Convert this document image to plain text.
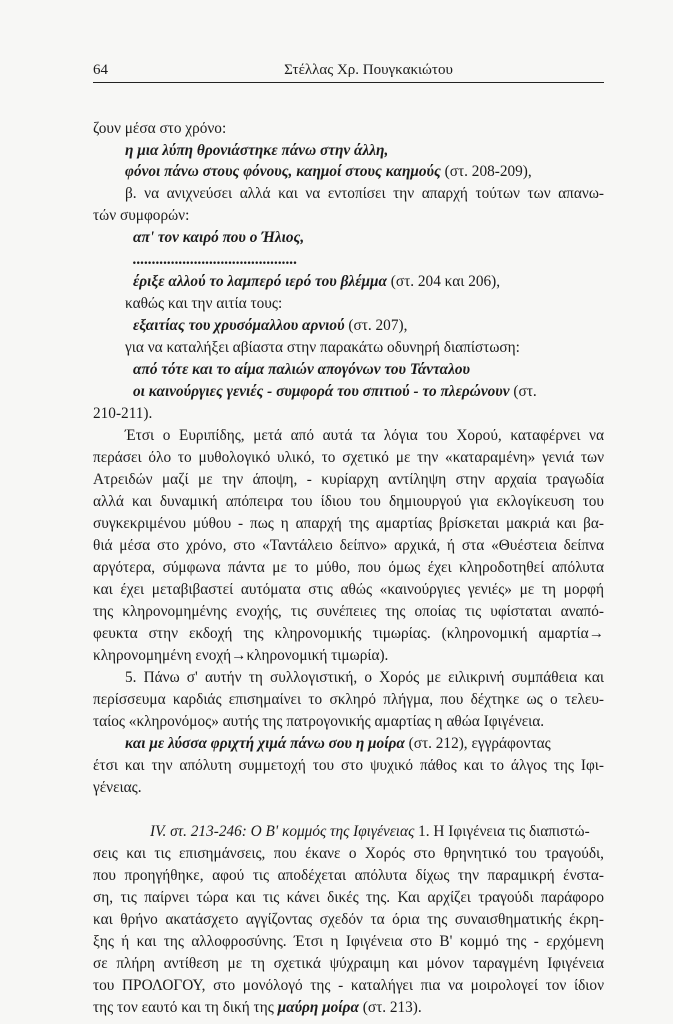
64	Στέλλας Χρ. Πουγκακιώτου
ζουν μέσα στο χρόνο:
η μια λύπη θρονιάστηκε πάνω στην άλλη,
φόνοι πάνω στους φόνους, καημοί στους καημούς (στ. 208-209),
β. να ανιχνεύσει αλλά και να εντοπίσει την απαρχή τούτων των απανω-
τών συμφορών:
απ' τον καιρό που ο Ήλιος,
...........................................
έριξε αλλού το λαμπερό ιερό του βλέμμα (στ. 204 και 206),
καθώς και την αιτία τους:
εξαιτίας του χρυσόμαλλου αρνιού (στ. 207),
για να καταλήξει αβίαστα στην παρακάτω οδυνηρή διαπίστωση:
από τότε και το αίμα παλιών απογόνων του Τάνταλου
οι καινούργιες γενιές - συμφορά του σπιτιού - το πλερώνουν (στ.
210-211).
Έτσι ο Ευριπίδης, μετά από αυτά τα λόγια του Χορού, καταφέρνει να
περάσει όλο το μυθολογικό υλικό, το σχετικό με την «καταραμένη» γενιά των
Ατρειδών μαζί με την άποψη, - κυρίαρχη αντίληψη στην αρχαία τραγωδία
αλλά και δυναμική απόπειρα του ίδιου του δημιουργού για εκλογίκευση του
συγκεκριμένου μύθου - πως η απαρχή της αμαρτίας βρίσκεται μακριά και βα-
θιά μέσα στο χρόνο, στο «Ταντάλειο δείπνο» αρχικά, ή στα «Θυέστεια δείπνα
αργότερα, σύμφωνα πάντα με το μύθο, που όμως έχει κληροδοτηθεί απόλυτα
και έχει μεταβιβαστεί αυτόματα στις αθώς «καινούργιες γενιές» με τη μορφή
της κληρονομημένης ενοχής, τις συνέπειες της οποίας τις υφίσταται αναπό-
φευκτα στην εκδοχή της κληρονομικής τιμωρίας. (κληρονομική αμαρτία→
κληρονομημένη ενοχή→κληρονομική τιμωρία).
5. Πάνω σ' αυτήν τη συλλογιστική, ο Χορός με ειλικρινή συμπάθεια και
περίσσευμα καρδιάς επισημαίνει το σκληρό πλήγμα, που δέχτηκε ως ο τελευ-
ταίος «κληρονόμος» αυτής της πατρογονικής αμαρτίας η αθώα Ιφιγένεια.
και με λύσσα φριχτή χιμά πάνω σου η μοίρα (στ. 212), εγγράφοντας
έτσι και την απόλυτη συμμετοχή του στο ψυχικό πάθος και το άλγος της Ιφι-
γένειας.
IV. στ. 213-246: Ο Β' κομμός της Ιφιγένειας 1. Η Ιφιγένεια τις διαπιστώ-
σεις και τις επισημάνσεις, που έκανε ο Χορός στο θρηνητικό του τραγούδι,
που προηγήθηκε, αφού τις αποδέχεται απόλυτα δίχως την παραμικρή ένστα-
ση, τις παίρνει τώρα και τις κάνει δικές της. Και αρχίζει τραγούδι παράφορο
και θρήνο ακατάσχετο αγγίζοντας σχεδόν τα όρια της συναισθηματικής έκρη-
ξης ή και της αλλοφροσύνης. Έτσι η Ιφιγένεια στο Β' κομμό της - ερχόμενη
σε πλήρη αντίθεση με τη σχετικά ψύχραιμη και μόνον ταραγμένη Ιφιγένεια
του ΠΡΟΛΟΓΟΥ, στο μονόλογό της - καταλήγει πια να μοιρολογεί τον ίδιον
της τον εαυτό και τη δική της μαύρη μοίρα (στ. 213).
